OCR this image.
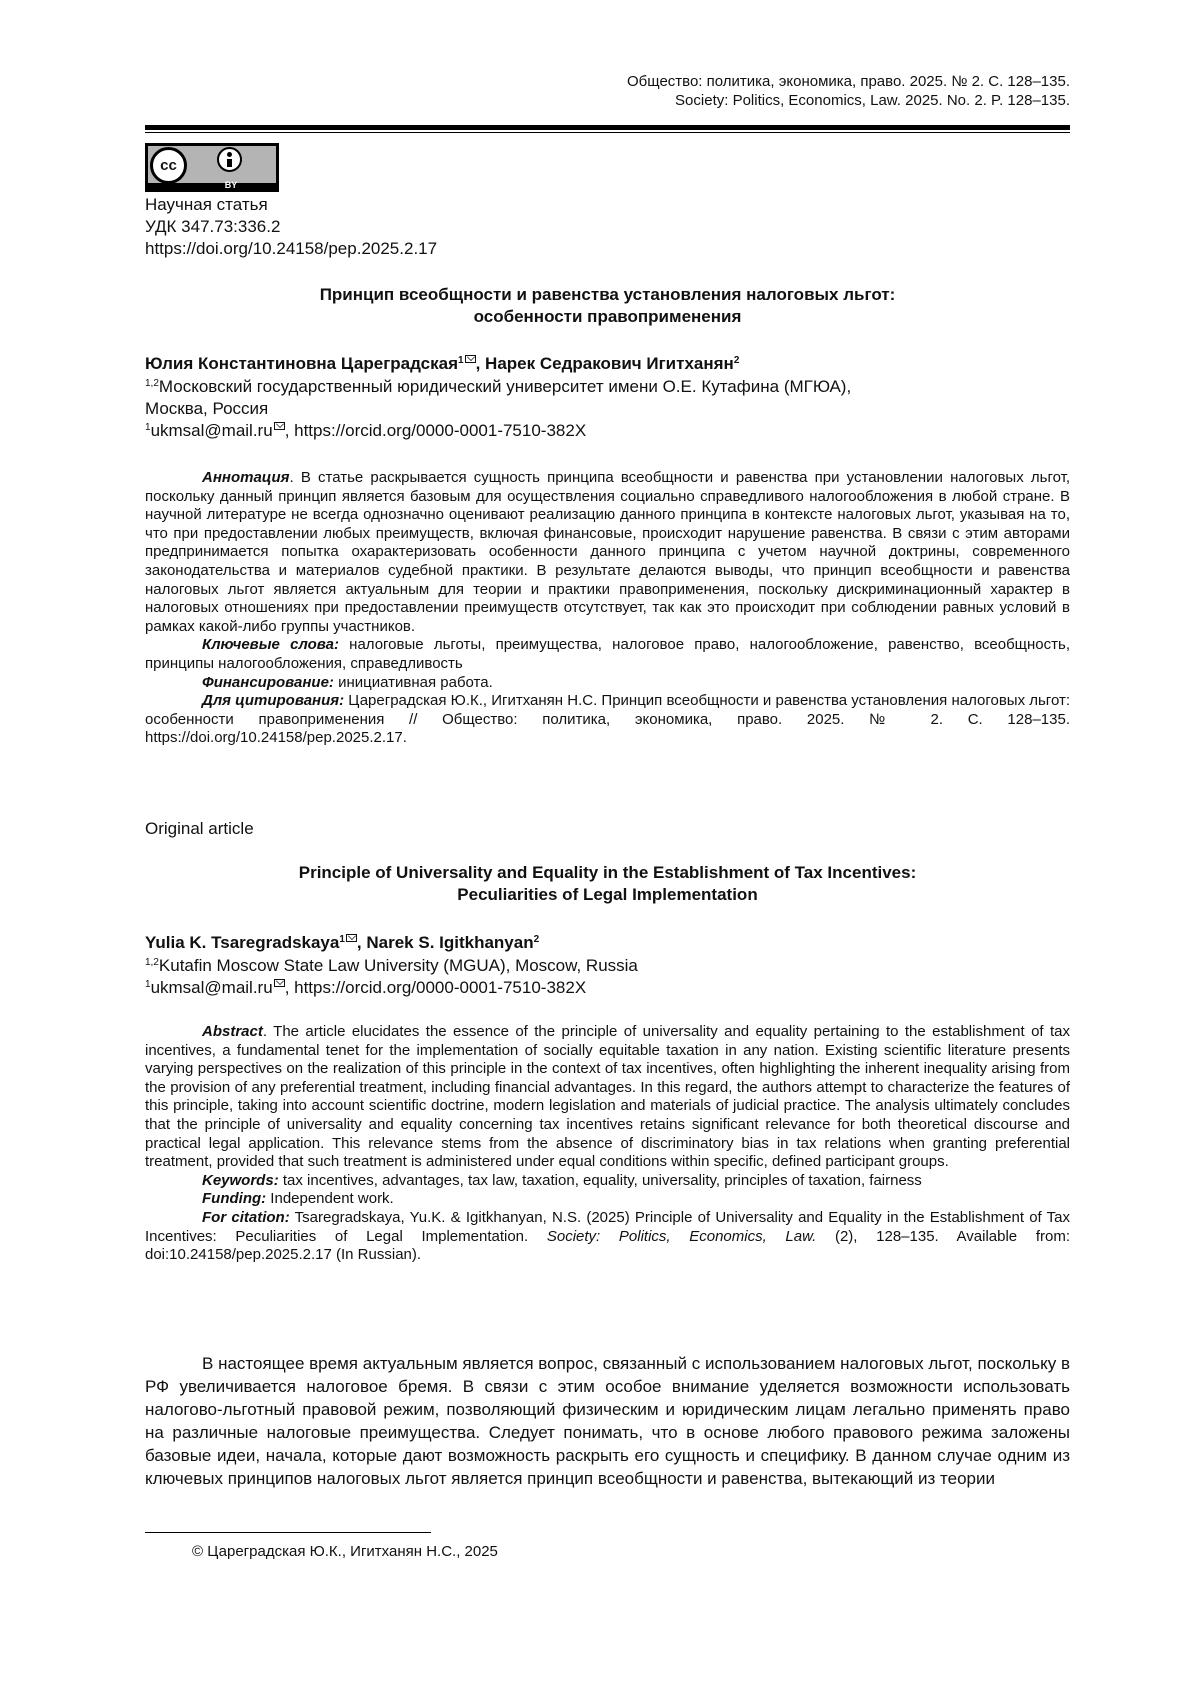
Общество: политика, экономика, право. 2025. № 2. С. 128–135.
Society: Politics, Economics, Law. 2025. No. 2. P. 128–135.
cc
BY
Научная статья
УДК 347.73:336.2
https://doi.org/10.24158/pep.2025.2.17
Принцип всеобщности и равенства установления налоговых льгот:
особенности правоприменения
Юлия Константиновна Цареградская$^1$ , Нарек Седракович Игитханян$^2$
$^{1,2}$Московский государственный юридический университет имени О.Е. Кутафина (МГЮА),
Москва, Россия
$^1$ukmsal@mail.ru , https://orcid.org/0000-0001-7510-382X

Аннотация. В статье раскрывается сущность принципа всеобщности и равенства при установлении налоговых льгот, поскольку данный принцип является базовым для осуществления социально справедливого налогообложения в любой стране. В научной литературе не всегда однозначно оценивают реализацию данного принципа в контексте налоговых льгот, указывая на то, что при предоставлении любых преимуществ, включая финансовые, происходит нарушение равенства. В связи с этим авторами предпринимается попытка охарактеризовать особенности данного принципа с учетом научной доктрины, современного законодательства и материалов судебной практики. В результате делаются выводы, что принцип всеобщности и равенства налоговых льгот является актуальным для теории и практики правоприменения, поскольку дискриминационный характер в налоговых отношениях при предоставлении преимуществ отсутствует, так как это происходит при соблюдении равных условий в рамках какой-либо группы участников.

Ключевые слова: налоговые льготы, преимущества, налоговое право, налогообложение, равенство, всеобщность, принципы налогообложения, справедливость

Финансирование: инициативная работа.

Для цитирования: Цареградская Ю.К., Игитханян Н.С. Принцип всеобщности и равенства установления налоговых льгот: особенности правоприменения // Общество: политика, экономика, право. 2025. № 2. С. 128–135. https://doi.org/10.24158/pep.2025.2.17.

Original article
Principle of Universality and Equality in the Establishment of Tax Incentives:
Peculiarities of Legal Implementation
Yulia K. Tsaregradskaya$^1$ , Narek S. Igitkhanyan$^2$
$^{1,2}$Kutafin Moscow State Law University (MGUA), Moscow, Russia
$^1$ukmsal@mail.ru , https://orcid.org/0000-0001-7510-382X

Abstract. The article elucidates the essence of the principle of universality and equality pertaining to the establishment of tax incentives, a fundamental tenet for the implementation of socially equitable taxation in any nation. Existing scientific literature presents varying perspectives on the realization of this principle in the context of tax incentives, often highlighting the inherent inequality arising from the provision of any preferential treatment, including financial advantages. In this regard, the authors attempt to characterize the features of this principle, taking into account scientific doctrine, modern legislation and materials of judicial practice. The analysis ultimately concludes that the principle of universality and equality concerning tax incentives retains significant relevance for both theoretical discourse and practical legal application. This relevance stems from the absence of discriminatory bias in tax relations when granting preferential treatment, provided that such treatment is administered under equal conditions within specific, defined participant groups.

Keywords: tax incentives, advantages, tax law, taxation, equality, universality, principles of taxation, fairness

Funding: Independent work.

For citation: Tsaregradskaya, Yu.K. & Igitkhanyan, N.S. (2025) Principle of Universality and Equality in the Establishment of Tax Incentives: Peculiarities of Legal Implementation. Society: Politics, Economics, Law. (2), 128–135. Available from: doi:10.24158/pep.2025.2.17 (In Russian).

В настоящее время актуальным является вопрос, связанный с использованием налоговых льгот, поскольку в РФ увеличивается налоговое бремя. В связи с этим особое внимание уделяется возможности использовать налогово-льготный правовой режим, позволяющий физическим и юридическим лицам легально применять право на различные налоговые преимущества. Следует понимать, что в основе любого правового режима заложены базовые идеи, начала, которые дают возможность раскрыть его сущность и специфику. В данном случае одним из ключевых принципов налоговых льгот является принцип всеобщности и равенства, вытекающий из теории

© Цареградская Ю.К., Игитханян Н.С., 2025
